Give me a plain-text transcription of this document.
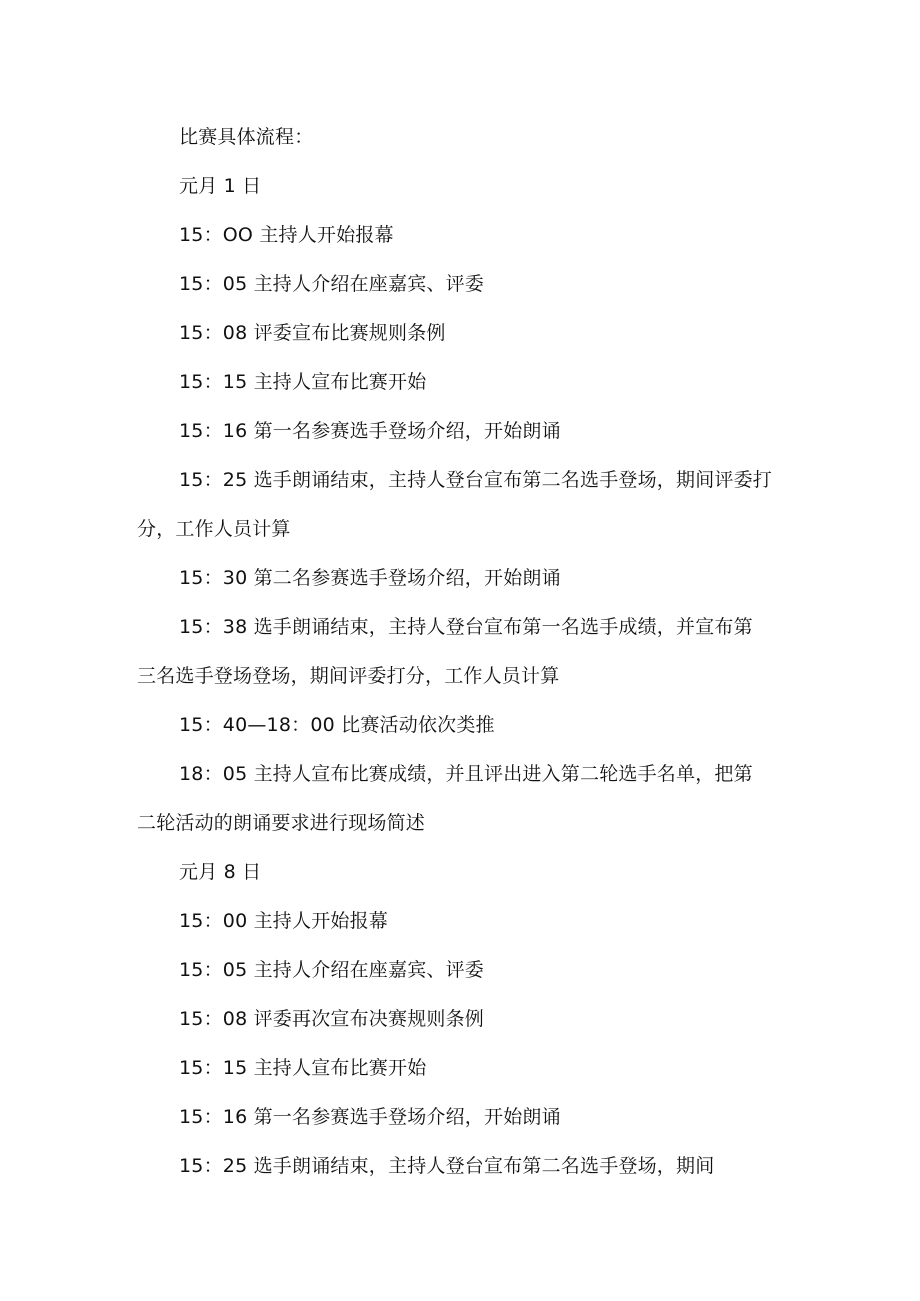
比赛具体流程：

元月 1 日

15：OO 主持人开始报幕

15：05 主持人介绍在座嘉宾、评委

15：08 评委宣布比赛规则条例

15：15 主持人宣布比赛开始

15：16 第一名参赛选手登场介绍，开始朗诵

15：25 选手朗诵结束，主持人登台宣布第二名选手登场，期间评委打

分，工作人员计算

15：30 第二名参赛选手登场介绍，开始朗诵

15：38 选手朗诵结束，主持人登台宣布第一名选手成绩，并宣布第

三名选手登场登场，期间评委打分，工作人员计算

15：40—18：00 比赛活动依次类推

18：05 主持人宣布比赛成绩，并且评出进入第二轮选手名单，把第

二轮活动的朗诵要求进行现场简述

元月 8 日

15：00 主持人开始报幕

15：05 主持人介绍在座嘉宾、评委

15：08 评委再次宣布决赛规则条例

15：15 主持人宣布比赛开始

15：16 第一名参赛选手登场介绍，开始朗诵

15：25 选手朗诵结束，主持人登台宣布第二名选手登场，期间
